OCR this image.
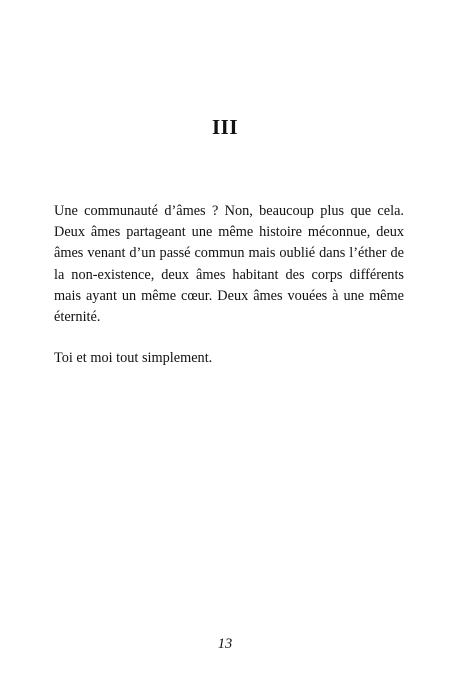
III

Une communauté d’âmes ? Non, beaucoup plus que cela. Deux âmes partageant une même histoire méconnue, deux âmes venant d’un passé commun mais oublié dans l’éther de la non-existence, deux âmes habitant des corps différents mais ayant un même cœur. Deux âmes vouées à une même éternité.

Toi et moi tout simplement.

13
